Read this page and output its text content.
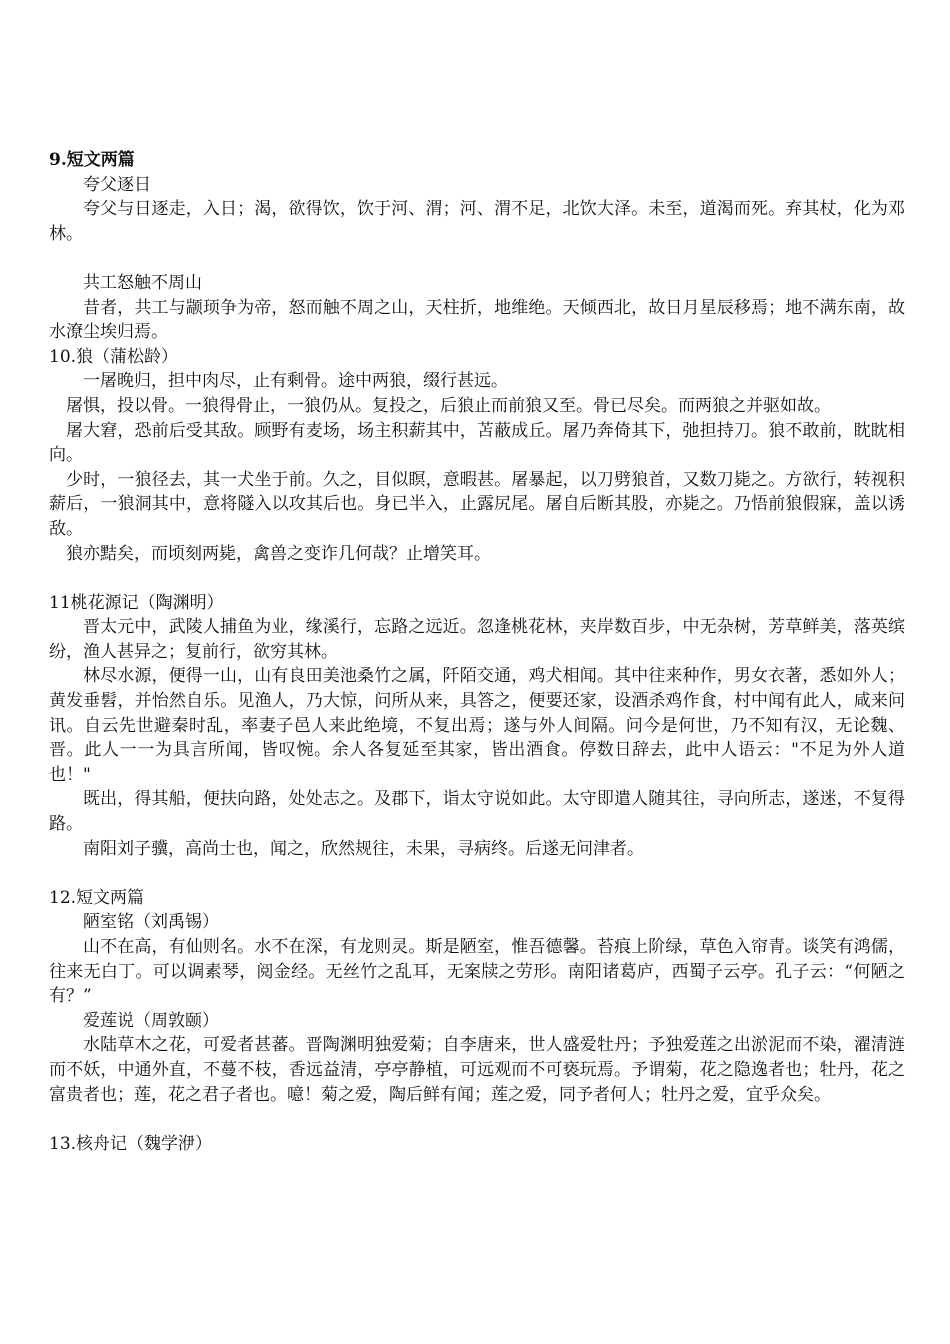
9.短文两篇

夸父逐日

夸父与日逐走，入日；渴，欲得饮，饮于河、渭；河、渭不足，北饮大泽。未至，道渴而死。弃其杖，化为邓林。

共工怒触不周山

昔者，共工与颛顼争为帝，怒而触不周之山，天柱折，地维绝。天倾西北，故日月星辰移焉；地不满东南，故水潦尘埃归焉。

10.狼（蒲松龄）

一屠晚归，担中肉尽，止有剩骨。途中两狼，缀行甚远。

屠惧，投以骨。一狼得骨止，一狼仍从。复投之，后狼止而前狼又至。骨已尽矣。而两狼之并驱如故。

屠大窘，恐前后受其敌。顾野有麦场，场主积薪其中，苫蔽成丘。屠乃奔倚其下，弛担持刀。狼不敢前，眈眈相向。

少时，一狼径去，其一犬坐于前。久之，目似瞑，意暇甚。屠暴起，以刀劈狼首，又数刀毙之。方欲行，转视积薪后，一狼洞其中，意将隧入以攻其后也。身已半入，止露尻尾。屠自后断其股，亦毙之。乃悟前狼假寐，盖以诱敌。

狼亦黠矣，而顷刻两毙，禽兽之变诈几何哉？止增笑耳。

11桃花源记（陶渊明）

晋太元中，武陵人捕鱼为业，缘溪行，忘路之远近。忽逢桃花林，夹岸数百步，中无杂树，芳草鲜美，落英缤纷，渔人甚异之；复前行，欲穷其林。

林尽水源，便得一山，山有良田美池桑竹之属，阡陌交通，鸡犬相闻。其中往来种作，男女衣著，悉如外人；黄发垂髫，并怡然自乐。见渔人，乃大惊，问所从来，具答之，便要还家，设酒杀鸡作食，村中闻有此人，咸来问讯。自云先世避秦时乱，率妻子邑人来此绝境，不复出焉；遂与外人间隔。问今是何世，乃不知有汉，无论魏、晋。此人一一为具言所闻，皆叹惋。余人各复延至其家，皆出酒食。停数日辞去，此中人语云："不足为外人道也！"

既出，得其船，便扶向路，处处志之。及郡下，诣太守说如此。太守即遣人随其往，寻向所志，遂迷，不复得路。

南阳刘子骥，高尚士也，闻之，欣然规往，未果，寻病终。后遂无问津者。

12.短文两篇

陋室铭（刘禹锡）

山不在高，有仙则名。水不在深，有龙则灵。斯是陋室，惟吾德馨。苔痕上阶绿，草色入帘青。谈笑有鸿儒，往来无白丁。可以调素琴，阅金经。无丝竹之乱耳，无案牍之劳形。南阳诸葛庐，西蜀子云亭。孔子云：“何陋之有？”

爱莲说（周敦颐）

水陆草木之花，可爱者甚蕃。晋陶渊明独爱菊；自李唐来，世人盛爱牡丹；予独爱莲之出淤泥而不染，濯清涟而不妖，中通外直，不蔓不枝，香远益清，亭亭静植，可远观而不可亵玩焉。予谓菊，花之隐逸者也；牡丹，花之富贵者也；莲，花之君子者也。噫！菊之爱，陶后鲜有闻；莲之爱，同予者何人；牡丹之爱，宜乎众矣。

13.核舟记（魏学洢）
